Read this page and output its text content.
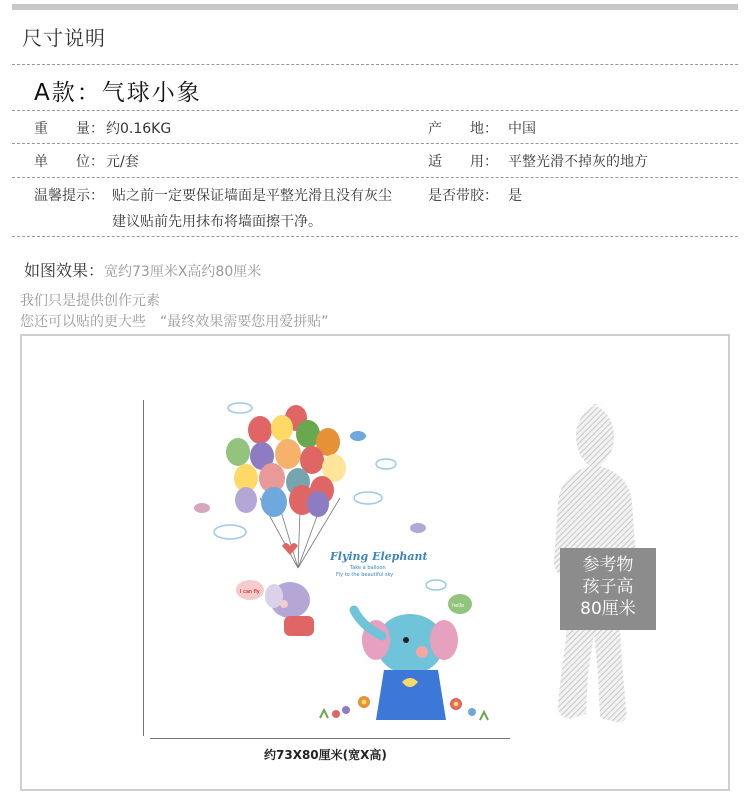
尺寸说明
A款：气球小象
重　　量： 约0.16KG	产　　地： 中国
单　　位： 元/套	适　　用： 平整光滑不掉灰的地方
温馨提示： 贴之前一定要保证墙面是平整光滑且没有灰尘
建议贴前先用抹布将墙面擦干净。
是否带胶： 是
如图效果：宽约73厘米X高约80厘米
我们只是提供创作元素
您还可以贴的更大些　“最终效果需要您用爱拼贴”
Flying Elephant
Take a balloon
Fly to the beautiful sky
I can fly
hello
约73X80厘米(宽X高)
参考物
孩子高
80厘米
